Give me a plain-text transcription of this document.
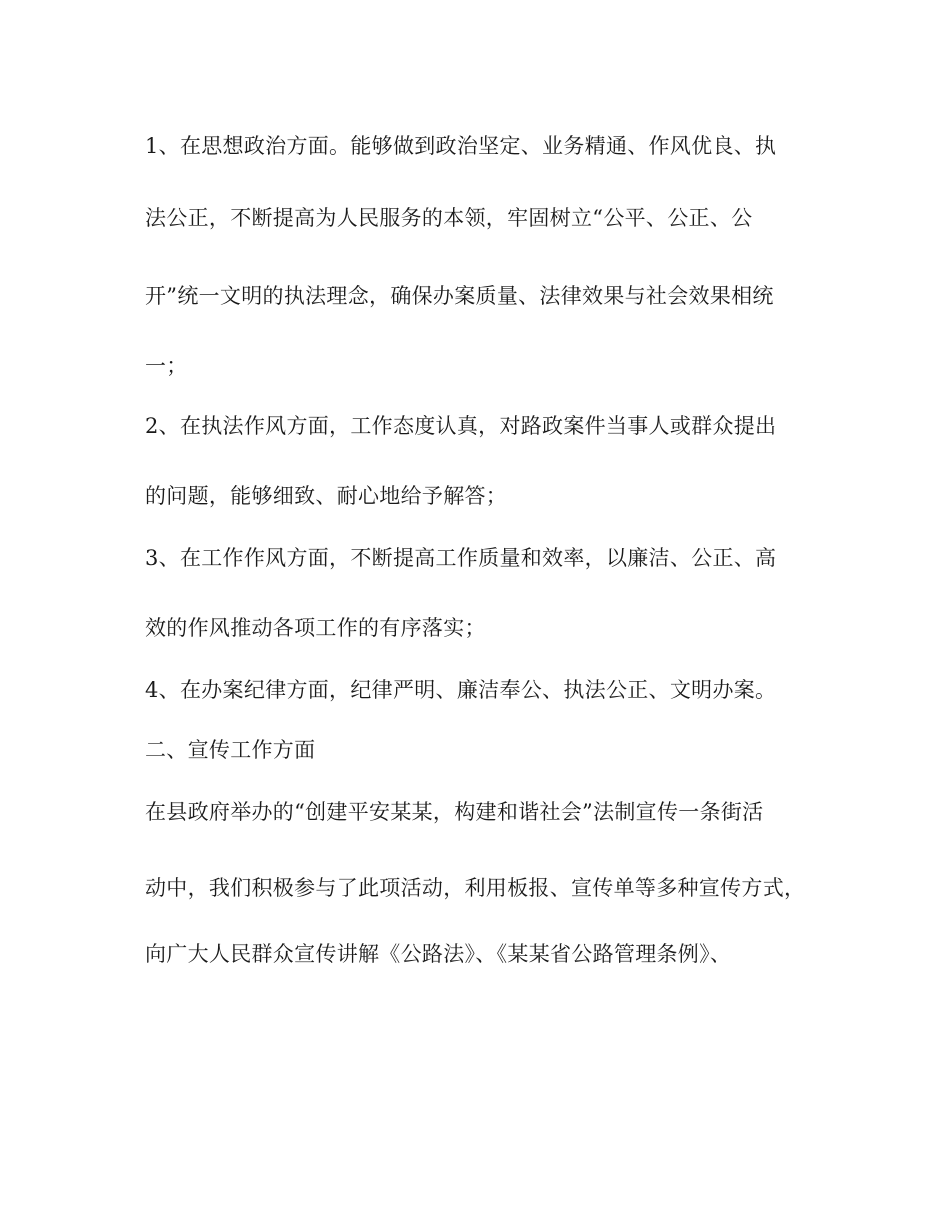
1、在思想政治方面。能够做到政治坚定、业务精通、作风优良、执
法公正，不断提高为人民服务的本领，牢固树立“公平、公正、公
开”统一文明的执法理念，确保办案质量、法律效果与社会效果相统
一；
2、在执法作风方面，工作态度认真，对路政案件当事人或群众提出
的问题，能够细致、耐心地给予解答；
3、在工作作风方面，不断提高工作质量和效率，以廉洁、公正、高
效的作风推动各项工作的有序落实；
4、在办案纪律方面，纪律严明、廉洁奉公、执法公正、文明办案。
二、宣传工作方面
在县政府举办的“创建平安某某，构建和谐社会”法制宣传一条街活
动中，我们积极参与了此项活动，利用板报、宣传单等多种宣传方式，
向广大人民群众宣传讲解《公路法》、《某某省公路管理条例》、
